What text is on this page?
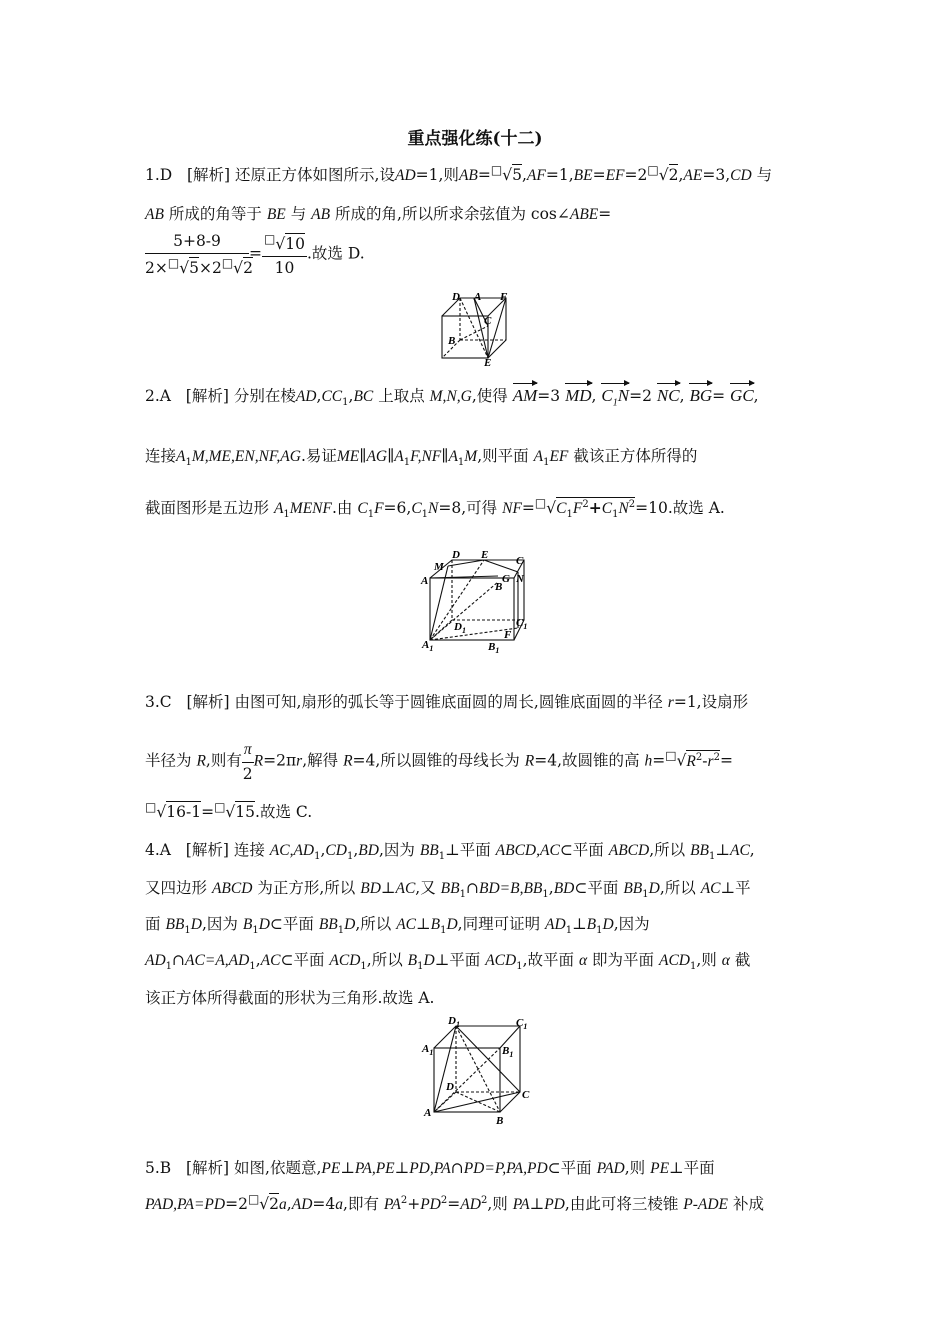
重点强化练(十二)
1.D [解析] 还原正方体如图所示,设AD=1,则AB=□√5,AF=1,BE=EF=2□√2,AE=3,CD 与
AB 所成的角等于 BE 与 AB 所成的角,所以所求余弦值为 cos∠ABE=
$\frac{5+8-9}{2\times^□√5\times 2^□√2} = \frac{^□√10}{10}$ .故选 D.
D A F
C
B
E
2.A [解析] 分别在棱$AD,CC_1,BC$ 上取点 M,N,G,使得 AM=3 MD, $C_1N=2$ NC, BG= GC,
连接$A_1M,ME,EN,NF,AG$.易证$ME\parallel AG\parallel A_1F,NF\parallel A_1M$,则平面 $A_1EF$ 截该正方体所得的
截面图形是五边形 $A_1MENF$.由 $C_1F=6,C_1N=8$,可得 $NF=^□√C_1F^2+C_1N^2=10$.故选 A.
M
D E	C
A	G N
B
$D_1$
$C_1$
F
$A_1$	$B_1$
3.C [解析] 由图可知,扇形的弧长等于圆锥底面圆的周长,圆锥底面圆的半径 r=1,设扇形
半径为 R,则有 $\frac{\pi}{2} R=2\pi r$,解得 R=4,所以圆锥的母线长为 R=4,故圆锥的高 $h=^□√R^2-r^2=$
□√16-1=□√15.故选 C.
4.A [解析] 连接 $AC,AD_1,CD_1,BD$,因为 $BB_1\perp$平面 ABCD,AC⊂平面 ABCD,所以 $BB_1\perp AC$,
又四边形 ABCD 为正方形,所以 BD⊥AC,又 $BB_1\cap BD=B,BB_1,BD\subset$平面 $BB_1D$,所以 AC⊥平
面 $BB_1D$,因为 $B_1D\subset$平面 $BB_1D$,所以 $AC\perp B_1D$,同理可证明 $AD_1\perp B_1D$,因为
$AD_1\cap AC=A,AD_1,AC\subset$平面 $ACD_1$,所以 $B_1D\perp$平面 $ACD_1$,故平面 α 即为平面 $ACD_1$,则 α 截
该正方体所得截面的形状为三角形.故选 A.
$D_1$	$C_1$
$A_1$	$B_1$
D
C
A
B
5.B [解析] 如图,依题意,PE⊥PA,PE⊥PD,PA∩PD=P,PA,PD⊂平面 PAD,则 PE⊥平面
PAD,PA=PD=2□√2a,AD=4a,即有 $PA^2+PD^2=AD^2$,则 PA⊥PD,由此可将三棱锥 P-ADE 补成
